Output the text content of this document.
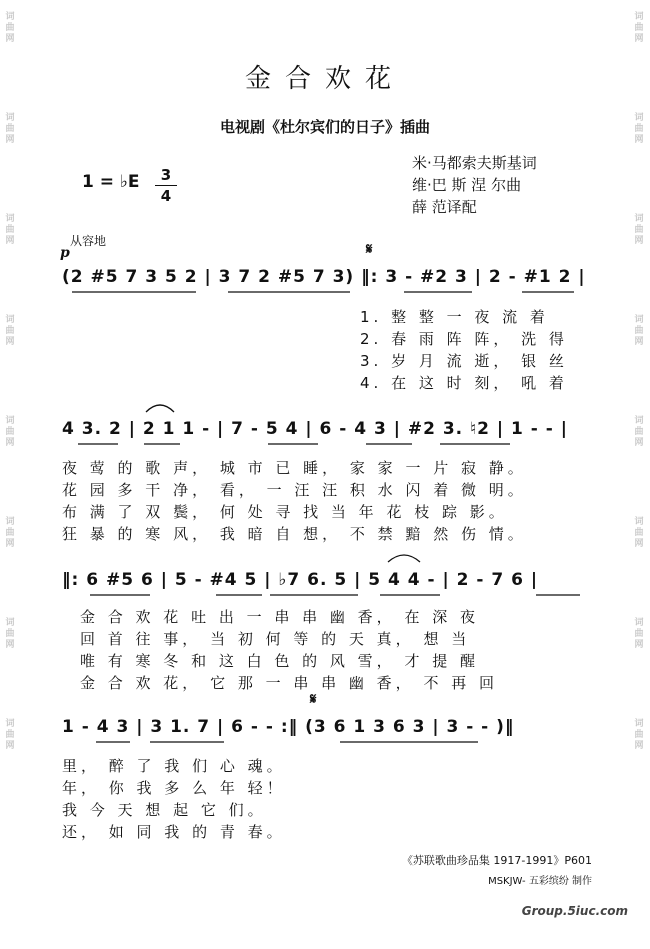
词
曲
网
词
曲
网
词
曲
网
词
曲
网
词
曲
网
词
曲
网
词
曲
网
词
曲
网
词
曲
网
词
曲
网
词
曲
网
词
曲
网
词
曲
网
词
曲
网
词
曲
网
词
曲
网
金合欢花
电视剧《杜尔宾们的日子》插曲
1 = ♭E	3
4
米·马都索夫斯基词
维·巴 斯 涅 尔曲
薛 范译配
从容地
p	𝄋
𝄋
(2 #5 7 3 5 2 | 3 7 2 #5 7 3) ‖: 3 - #2 3 | 2 - #1 2 |
1. 整 整 一 夜 流 着
2. 春 雨 阵 阵， 洗 得
3. 岁 月 流 逝， 银 丝
4. 在 这 时 刻， 吼 着
4 3. 2 | 2 1 1 - | 7 - 5 4 | 6 - 4 3 | #2 3. ♮2 | 1 - - |
夜 莺 的 歌 声， 城 市 已 睡， 家 家 一 片 寂 静。
花 园 多 干 净， 看， 一 汪 汪 积 水 闪 着 微 明。
布 满 了 双 鬓， 何 处 寻 找 当 年 花 枝 踪 影。
狂 暴 的 寒 风， 我 暗 自 想， 不 禁 黯 然 伤 情。
‖: 6 #5 6 | 5 - #4 5 | ♭7 6. 5 | 5 4 4 - | 2 - 7 6 |
金 合 欢 花 吐 出 一 串 串 幽 香， 在 深 夜
回 首 往 事， 当 初 何 等 的 天 真， 想 当
唯 有 寒 冬 和 这 白 色 的 风 雪， 才 提 醒
金 合 欢 花， 它 那 一 串 串 幽 香， 不 再 回
1 - 4 3 | 3 1. 7 | 6 - - :‖ (3 6 1 3 6 3 | 3 - - )‖
里， 醉 了 我 们 心 魂。
年， 你 我 多 么 年 轻！
我 今 天 想 起 它 们。
还， 如 同 我 的 青 春。
《苏联歌曲珍品集 1917-1991》P601
MSKJW- 五彩缤纷 制作
Group.5iuc.com
